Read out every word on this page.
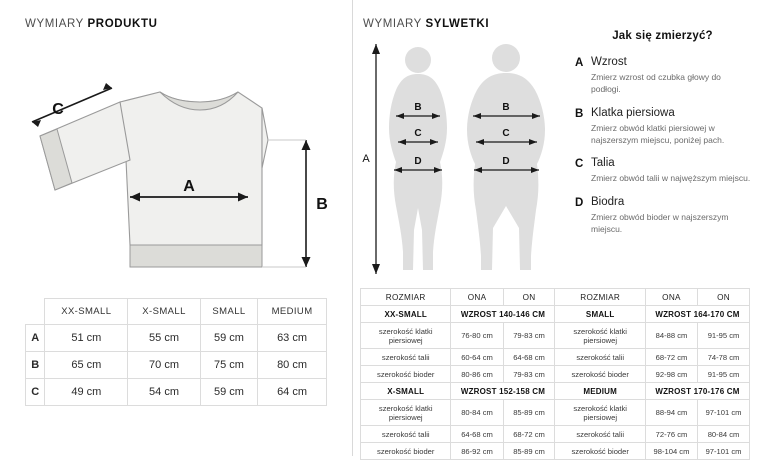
WYMIARY PRODUKTU
C
A
B
	XX-SMALL	X-SMALL	SMALL	MEDIUM
A	51 cm	55 cm	59 cm	63 cm
B	65 cm	70 cm	75 cm	80 cm
C	49 cm	54 cm	59 cm	64 cm
WYMIARY SYLWETKI
A
B
C
D
B
C
D
Jak się zmierzyć?
A Wzrost
Zmierz wzrost od czubka głowy do podłogi.
B Klatka piersiowa
Zmierz obwód klatki piersiowej w najszerszym miejscu, poniżej pach.
C Talia
Zmierz obwód talii w najwęższym miejscu.
D Biodra
Zmierz obwód bioder w najszerszym miejscu.
ROZMIAR	ONA	ON	ROZMIAR	ONA	ON
XX-SMALL	WZROST 140-146 CM		SMALL	WZROST 164-170 CM	
szerokość klatki piersiowej	76-80 cm	79-83 cm	szerokość klatki piersiowej	84-88 cm	91-95 cm
szerokość talii	60-64 cm	64-68 cm	szerokość talii	68-72 cm	74-78 cm
szerokość bioder	80-86 cm	79-83 cm	szerokość bioder	92-98 cm	91-95 cm
X-SMALL	WZROST 152-158 CM		MEDIUM	WZROST 170-176 CM	
szerokość klatki piersiowej	80-84 cm	85-89 cm	szerokość klatki piersiowej	88-94 cm	97-101 cm
szerokość talii	64-68 cm	68-72 cm	szerokość talii	72-76 cm	80-84 cm
szerokość bioder	86-92 cm	85-89 cm	szerokość bioder	98-104 cm	97-101 cm
